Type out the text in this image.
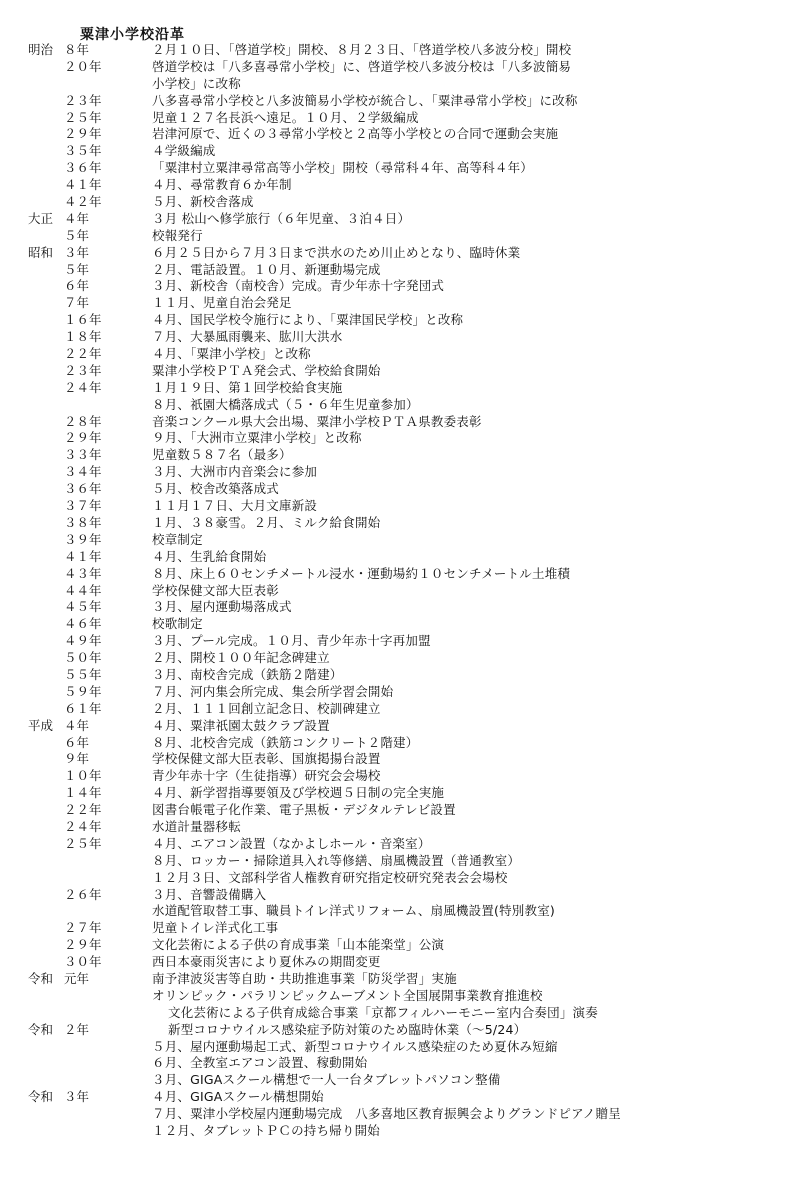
粟津小学校沿革
明治 ８年	２月１０日、「啓道学校」開校、８月２３日、「啓道学校八多波分校」開校
２０年	啓道学校は「八多喜尋常小学校」に、啓道学校八多波分校は「八多波簡易
小学校」に改称
２３年	八多喜尋常小学校と八多波簡易小学校が統合し、「粟津尋常小学校」に改称
２５年	児童１２７名長浜へ遠足。１０月、２学級編成
２９年	岩津河原で、近くの３尋常小学校と２高等小学校との合同で運動会実施
３５年	４学級編成
３６年	「粟津村立粟津尋常高等小学校」開校（尋常科４年、高等科４年）
４１年	４月、尋常教育６か年制
４２年	５月、新校舎落成
大正 ４年	３月 松山へ修学旅行（６年児童、３泊４日）
５年	校報発行
昭和 ３年	６月２５日から７月３日まで洪水のため川止めとなり、臨時休業
５年	２月、電話設置。１０月、新運動場完成
６年	３月、新校舎（南校舎）完成。青少年赤十字発団式
７年	１１月、児童自治会発足
１６年	４月、国民学校令施行により、「粟津国民学校」と改称
１８年	７月、大暴風雨襲来、肱川大洪水
２２年	４月、「粟津小学校」と改称
２３年	粟津小学校ＰＴＡ発会式、学校給食開始
２４年	１月１９日、第１回学校給食実施
８月、祇園大橋落成式（５・６年生児童参加）
２８年	音楽コンクール県大会出場、粟津小学校ＰＴＡ県教委表彰
２９年	９月、「大洲市立粟津小学校」と改称
３３年	児童数５８７名（最多）
３４年	３月、大洲市内音楽会に参加
３６年	５月、校舎改築落成式
３７年	１１月１７日、大月文庫新設
３８年	１月、３８豪雪。２月、ミルク給食開始
３９年	校章制定
４１年	４月、生乳給食開始
４３年	８月、床上６０センチメートル浸水・運動場約１０センチメートル土堆積
４４年	学校保健文部大臣表彰
４５年	３月、屋内運動場落成式
４６年	校歌制定
４９年	３月、プール完成。１０月、青少年赤十字再加盟
５０年	２月、開校１００年記念碑建立
５５年	３月、南校舎完成（鉄筋２階建）
５９年	７月、河内集会所完成、集会所学習会開始
６１年	２月、１１１回創立記念日、校訓碑建立
平成 ４年	４月、粟津祇園太鼓クラブ設置
６年	８月、北校舎完成（鉄筋コンクリート２階建）
９年	学校保健文部大臣表彰、国旗掲揚台設置
１０年	青少年赤十字（生徒指導）研究会会場校
１４年	４月、新学習指導要領及び学校週５日制の完全実施
２２年	図書台帳電子化作業、電子黒板・デジタルテレビ設置
２４年	水道計量器移転
２５年	４月、エアコン設置（なかよしホール・音楽室）
８月、ロッカー・掃除道具入れ等修繕、扇風機設置（普通教室）
１２月３日、文部科学省人権教育研究指定校研究発表会会場校
２６年	３月、音響設備購入
水道配管取替工事、職員トイレ洋式リフォーム、扇風機設置(特別教室)
２７年	児童トイレ洋式化工事
２９年	文化芸術による子供の育成事業「山本能楽堂」公演
３０年	西日本豪雨災害により夏休みの期間変更
令和 元年	南予津波災害等自助・共助推進事業「防災学習」実施
オリンピック・パラリンピックムーブメント全国展開事業教育推進校
文化芸術による子供育成総合事業「京都フィルハーモニー室内合奏団」演奏
令和 ２年	新型コロナウイルス感染症予防対策のため臨時休業（～5/24）
５月、屋内運動場起工式、新型コロナウイルス感染症のため夏休み短縮
６月、全教室エアコン設置、稼動開始
３月、GIGAスクール構想で一人一台タブレットパソコン整備
令和 ３年	４月、GIGAスクール構想開始
７月、粟津小学校屋内運動場完成　八多喜地区教育振興会よりグランドピアノ贈呈
１２月、タブレットＰＣの持ち帰り開始
